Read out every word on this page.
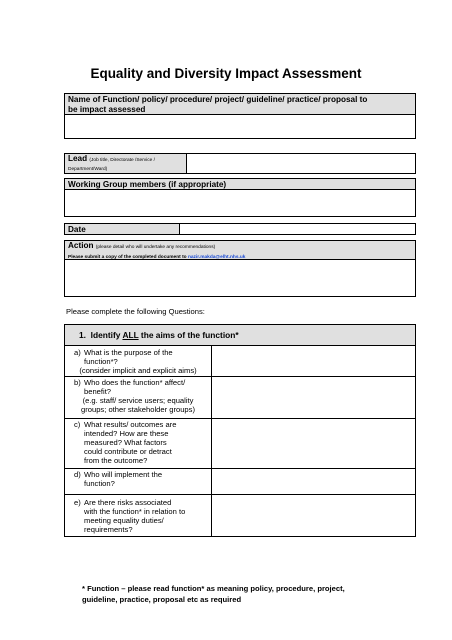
Equality and Diversity Impact Assessment
Name of Function/ policy/ procedure/ project/ guideline/ practice/ proposal to
be impact assessed
Lead (Job title, Directorate /Service /
Department/Ward)
Working Group members (if appropriate)
Date
Action (please detail who will undertake any recommendations)
Please submit a copy of the completed document to nazir.makda@elht.nhs.uk
Please complete the following Questions:
1. Identify ALL the aims of the function*
a) What is the purpose of the
function*?
(consider implicit and explicit aims)
b) Who does the function* affect/
benefit?
(e.g. staff/ service users; equality
groups; other stakeholder groups)
c) What results/ outcomes are
intended? How are these
measured? What factors
could contribute or detract
from the outcome?
d) Who will implement the
function?
e) Are there risks associated
with the function* in relation to
meeting equality duties/
requirements?
* Function – please read function* as meaning policy, procedure, project,
guideline, practice, proposal etc as required
